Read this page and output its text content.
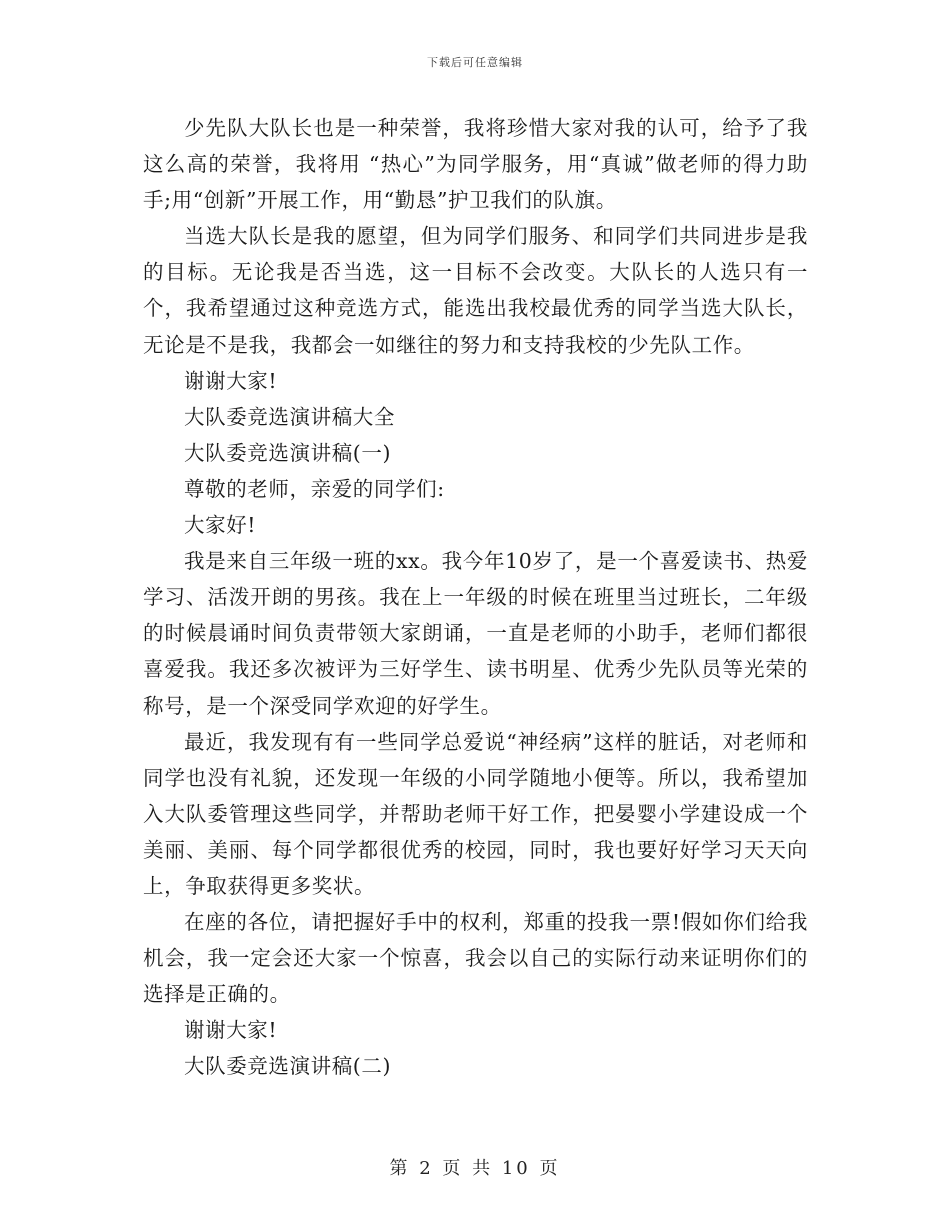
下载后可任意编辑

少先队大队长也是一种荣誉，我将珍惜大家对我的认可，给予了我这么高的荣誉，我将用 “热心”为同学服务，用“真诚”做老师的得力助手;用“创新”开展工作，用“勤恳”护卫我们的队旗。

当选大队长是我的愿望，但为同学们服务、和同学们共同进步是我的目标。无论我是否当选，这一目标不会改变。大队长的人选只有一个，我希望通过这种竞选方式，能选出我校最优秀的同学当选大队长，无论是不是我，我都会一如继往的努力和支持我校的少先队工作。

谢谢大家!

大队委竞选演讲稿大全

大队委竞选演讲稿(一)

尊敬的老师，亲爱的同学们:

大家好!

我是来自三年级一班的xx。我今年10岁了，是一个喜爱读书、热爱学习、活泼开朗的男孩。我在上一年级的时候在班里当过班长，二年级的时候晨诵时间负责带领大家朗诵，一直是老师的小助手，老师们都很喜爱我。我还多次被评为三好学生、读书明星、优秀少先队员等光荣的称号，是一个深受同学欢迎的好学生。

最近，我发现有有一些同学总爱说“神经病”这样的脏话，对老师和同学也没有礼貌，还发现一年级的小同学随地小便等。所以，我希望加入大队委管理这些同学，并帮助老师干好工作，把晏婴小学建设成一个美丽、美丽、每个同学都很优秀的校园，同时，我也要好好学习天天向上，争取获得更多奖状。

在座的各位，请把握好手中的权利，郑重的投我一票!假如你们给我机会，我一定会还大家一个惊喜，我会以自己的实际行动来证明你们的选择是正确的。

谢谢大家!

大队委竞选演讲稿(二)

第 2 页 共 10 页
